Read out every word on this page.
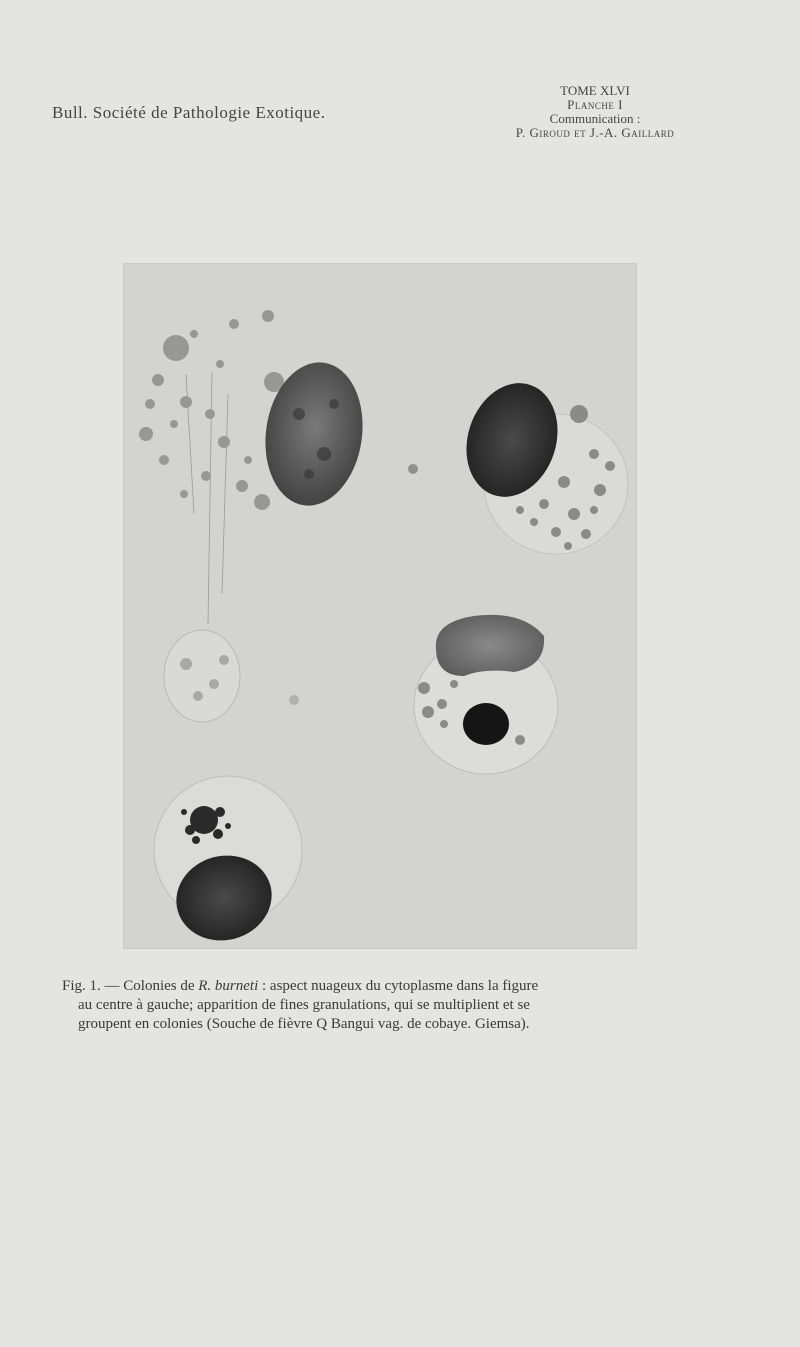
Bull. Société de Pathologie Exotique.
TOME XLVI
Planche I
Communication :
P. Giroud et J.-A. Gaillard
Fig. 1. — Colonies de R. burneti : aspect nuageux du cytoplasme dans la figure
au centre à gauche; apparition de fines granulations, qui se multiplient et se
groupent en colonies (Souche de fièvre Q Bangui vag. de cobaye. Giemsa).
